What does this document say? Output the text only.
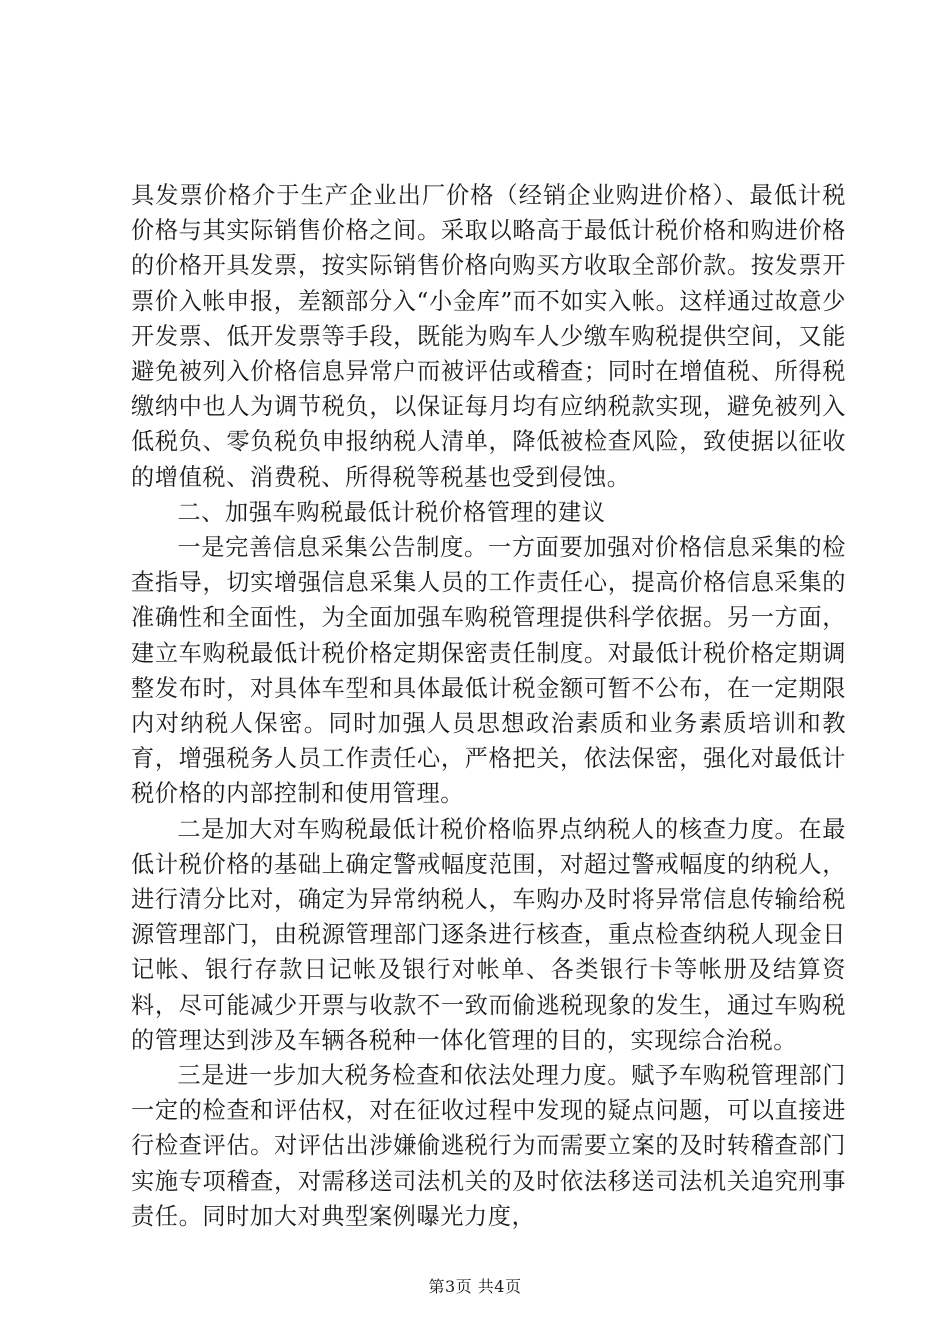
具发票价格介于生产企业出厂价格（经销企业购进价格）、最低计税价格与其实际销售价格之间。采取以略高于最低计税价格和购进价格的价格开具发票，按实际销售价格向购买方收取全部价款。按发票开票价入帐申报，差额部分入“小金库”而不如实入帐。这样通过故意少开发票、低开发票等手段，既能为购车人少缴车购税提供空间，又能避免被列入价格信息异常户而被评估或稽查；同时在增值税、所得税缴纳中也人为调节税负，以保证每月均有应纳税款实现，避免被列入低税负、零负税负申报纳税人清单，降低被检查风险，致使据以征收的增值税、消费税、所得税等税基也受到侵蚀。

二、加强车购税最低计税价格管理的建议

一是完善信息采集公告制度。一方面要加强对价格信息采集的检查指导，切实增强信息采集人员的工作责任心，提高价格信息采集的准确性和全面性，为全面加强车购税管理提供科学依据。另一方面，建立车购税最低计税价格定期保密责任制度。对最低计税价格定期调整发布时，对具体车型和具体最低计税金额可暂不公布，在一定期限内对纳税人保密。同时加强人员思想政治素质和业务素质培训和教育，增强税务人员工作责任心，严格把关，依法保密，强化对最低计税价格的内部控制和使用管理。

二是加大对车购税最低计税价格临界点纳税人的核查力度。在最低计税价格的基础上确定警戒幅度范围，对超过警戒幅度的纳税人，进行清分比对，确定为异常纳税人，车购办及时将异常信息传输给税源管理部门，由税源管理部门逐条进行核查，重点检查纳税人现金日记帐、银行存款日记帐及银行对帐单、各类银行卡等帐册及结算资料，尽可能减少开票与收款不一致而偷逃税现象的发生，通过车购税的管理达到涉及车辆各税种一体化管理的目的，实现综合治税。

三是进一步加大税务检查和依法处理力度。赋予车购税管理部门一定的检查和评估权，对在征收过程中发现的疑点问题，可以直接进行检查评估。对评估出涉嫌偷逃税行为而需要立案的及时转稽查部门实施专项稽查，对需移送司法机关的及时依法移送司法机关追究刑事责任。同时加大对典型案例曝光力度，

第3页 共4页
